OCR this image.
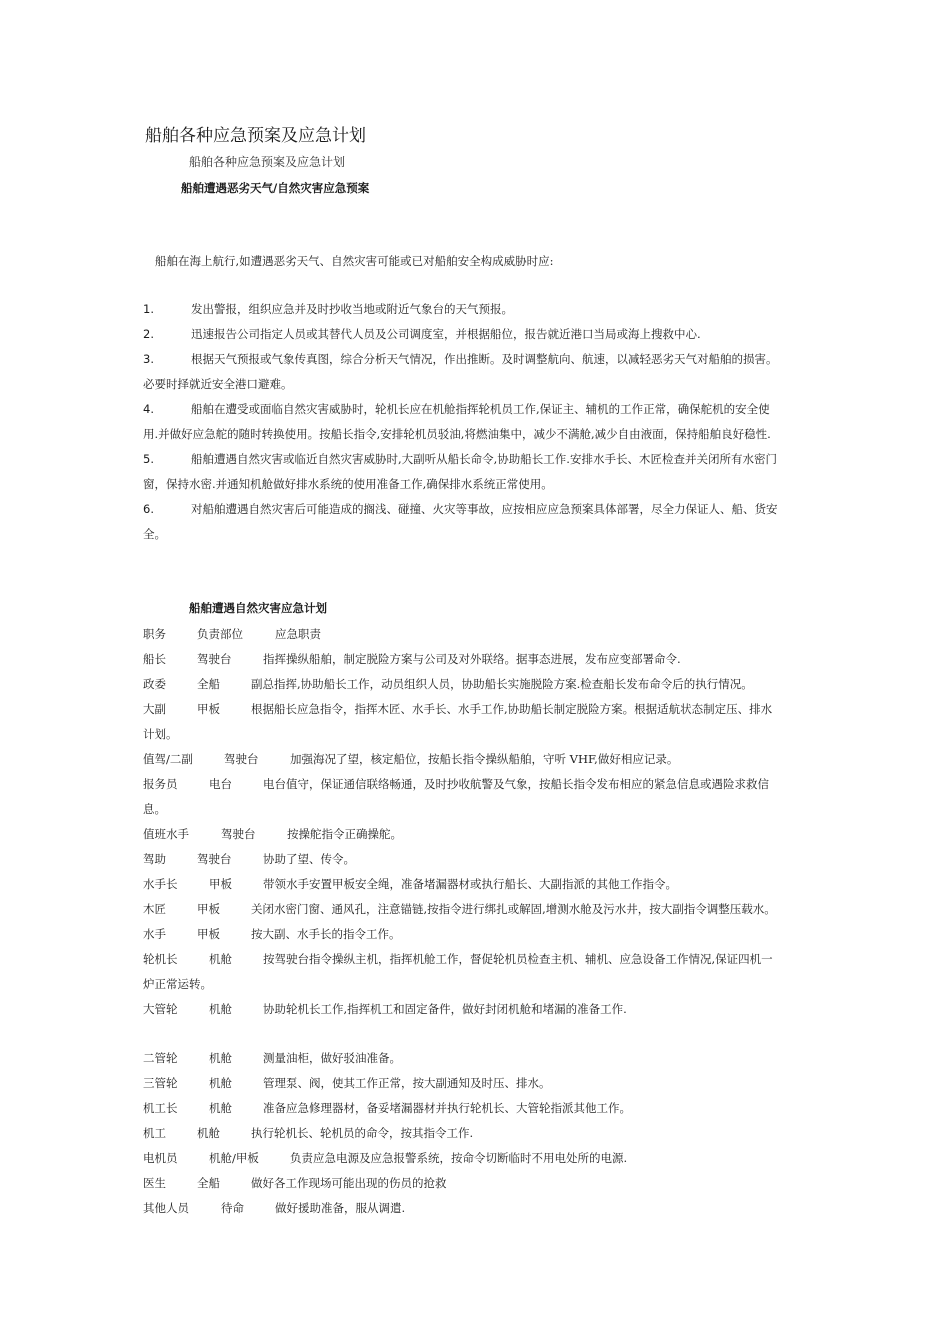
船舶各种应急预案及应急计划
船舶各种应急预案及应急计划
船舶遭遇恶劣天气/自然灾害应急预案
船舶在海上航行,如遭遇恶劣天气、自然灾害可能或已对船舶安全构成威胁时应:
1.	发出警报，组织应急并及时抄收当地或附近气象台的天气预报。
2.	迅速报告公司指定人员或其替代人员及公司调度室，并根据船位，报告就近港口当局或海上搜救中心.
3.	根据天气预报或气象传真图，综合分析天气情况，作出推断。及时调整航向、航速，以减轻恶劣天气对船舶的损害。
必要时择就近安全港口避难。
4.	船舶在遭受或面临自然灾害威胁时，轮机长应在机舱指挥轮机员工作,保证主、辅机的工作正常，确保舵机的安全使
用.并做好应急舵的随时转换使用。按船长指令,安排轮机员驳油,将燃油集中，减少不满舱,减少自由液面，保持船舶良好稳性.
5.	船舶遭遇自然灾害或临近自然灾害威胁时,大副听从船长命令,协助船长工作.安排水手长、木匠检查并关闭所有水密门
窗，保持水密.并通知机舱做好排水系统的使用准备工作,确保排水系统正常使用。
6.	对船舶遭遇自然灾害后可能造成的搁浅、碰撞、火灾等事故，应按相应应急预案具体部署，尽全力保证人、船、货安
全。
船舶遭遇自然灾害应急计划
职务	负责部位	应急职责
船长	驾驶台	指挥操纵船舶，制定脱险方案与公司及对外联络。据事态进展，发布应变部署命令.
政委	全船	副总指挥,协助船长工作，动员组织人员，协助船长实施脱险方案.检查船长发布命令后的执行情况。
大副	甲板	根据船长应急指令，指挥木匠、水手长、水手工作,协助船长制定脱险方案。根据适航状态制定压、排水
计划。
值驾/二副	驾驶台	加强海况了望，核定船位，按船长指令操纵船舶，守听 VHF,做好相应记录。
报务员	电台	电台值守，保证通信联络畅通，及时抄收航警及气象，按船长指令发布相应的紧急信息或遇险求救信
息。
值班水手	驾驶台	按操舵指令正确操舵。
驾助	驾驶台	协助了望、传令。
水手长	甲板	带领水手安置甲板安全绳，准备堵漏器材或执行船长、大副指派的其他工作指令。
木匠	甲板	关闭水密门窗、通风孔，注意锚链,按指令进行绑扎或解固,增测水舱及污水井，按大副指令调整压载水。
水手	甲板	按大副、水手长的指令工作。
轮机长	机舱	按驾驶台指令操纵主机，指挥机舱工作，督促轮机员检查主机、辅机、应急设备工作情况,保证四机一
炉正常运转。
大管轮	机舱	协助轮机长工作,指挥机工和固定备件，做好封闭机舱和堵漏的准备工作.
二管轮	机舱	测量油柜，做好驳油准备。
三管轮	机舱	管理泵、阀，使其工作正常，按大副通知及时压、排水。
机工长	机舱	准备应急修理器材，备妥堵漏器材并执行轮机长、大管轮指派其他工作。
机工	机舱	执行轮机长、轮机员的命令，按其指令工作.
电机员	机舱/甲板	负责应急电源及应急报警系统，按命令切断临时不用电处所的电源.
医生	全船	做好各工作现场可能出现的伤员的抢救
其他人员	待命	做好援助准备，服从调遣.
